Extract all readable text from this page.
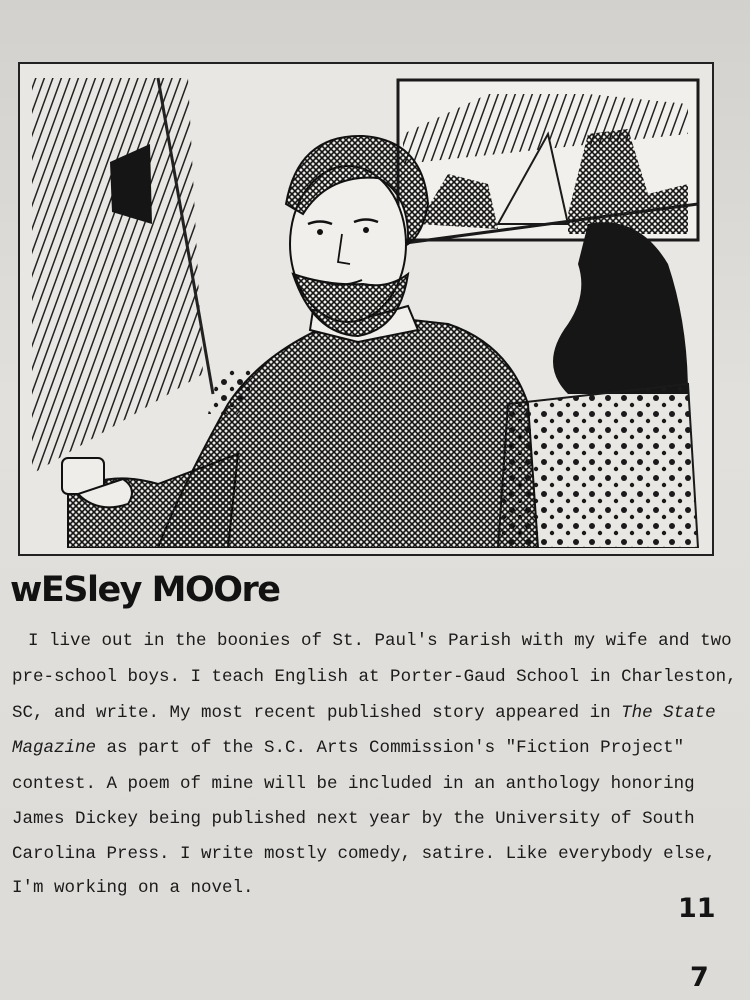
wESley MOOre
I live out in the boonies of St. Paul's Parish with my wife and two
pre-school boys. I teach English at Porter-Gaud School in Charleston,
SC, and write. My most recent published story appeared in The State
Magazine as part of the S.C. Arts Commission's "Fiction Project"
contest. A poem of mine will be included in an anthology honoring
James Dickey being published next year by the University of South
Carolina Press. I write mostly comedy, satire. Like everybody else,
I'm working on a novel.
11
7
